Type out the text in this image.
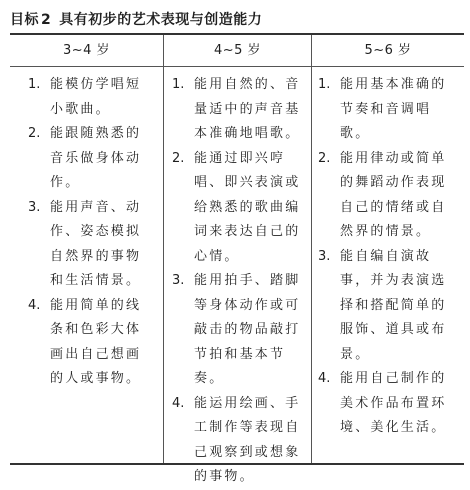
目标 2 具有初步的艺术表现与创造能力
3~4 岁	4~5 岁	5~6 岁
1. 能模仿学唱短小歌曲。
2. 能跟随熟悉的音乐做身体动作。
3. 能用声音、动作、姿态模拟自然界的事物和生活情景。
4. 能用简单的线条和色彩大体画出自己想画的人或事物。
1. 能用自然的、音量适中的声音基本准确地唱歌。
2. 能通过即兴哼唱、即兴表演或给熟悉的歌曲编词来表达自己的心情。
3. 能用拍手、踏脚等身体动作或可敲击的物品敲打节拍和基本节奏。
4. 能运用绘画、手工制作等表现自己观察到或想象的事物。
1. 能用基本准确的节奏和音调唱歌。
2. 能用律动或简单的舞蹈动作表现自己的情绪或自然界的情景。
3. 能自编自演故事，并为表演选择和搭配简单的服饰、道具或布景。
4. 能用自己制作的美术作品布置环境、美化生活。
